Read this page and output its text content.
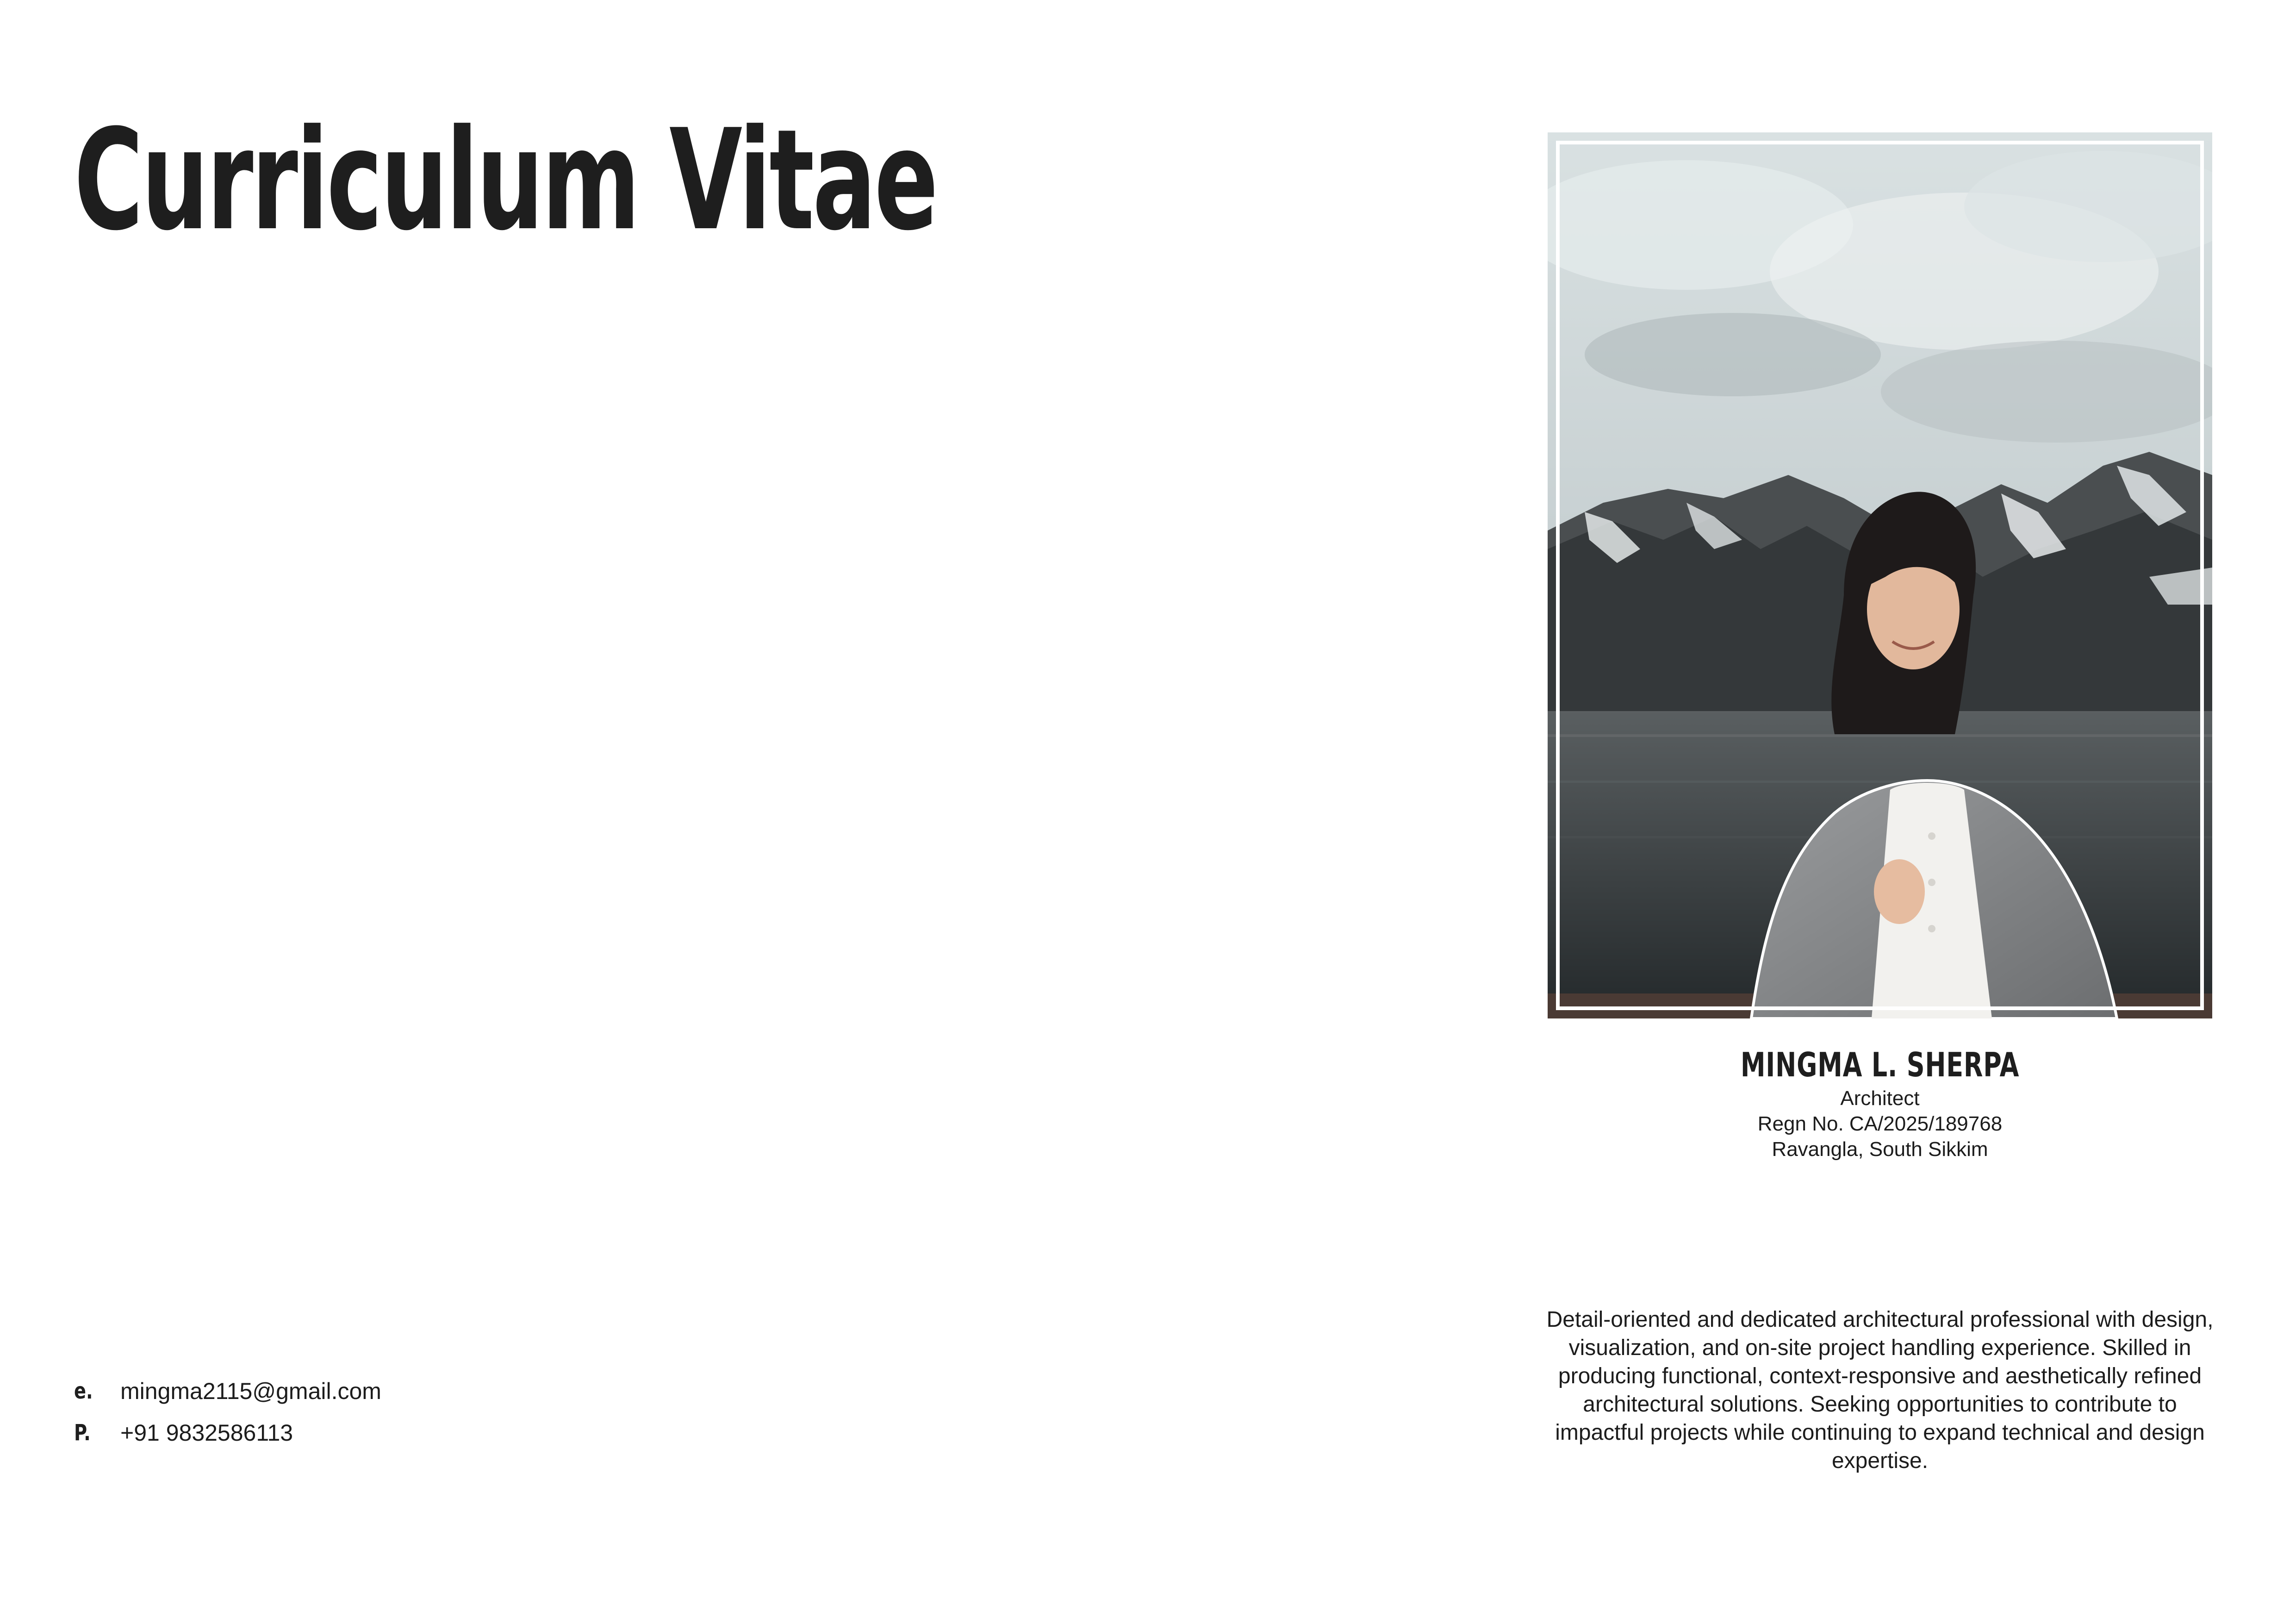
Curriculum Vitae
MINGMA L. SHERPA
Architect
Regn No. CA/2025/189768
Ravangla, South Sikkim

Detail-oriented and dedicated architectural professional with design, visualization, and on-site project handling experience. Skilled in producing functional, context-responsive and aesthetically refined architectural solutions. Seeking opportunities to contribute to impactful projects while continuing to expand technical and design expertise.

e.	mingma2115@gmail.com
P.	+91 9832586113
